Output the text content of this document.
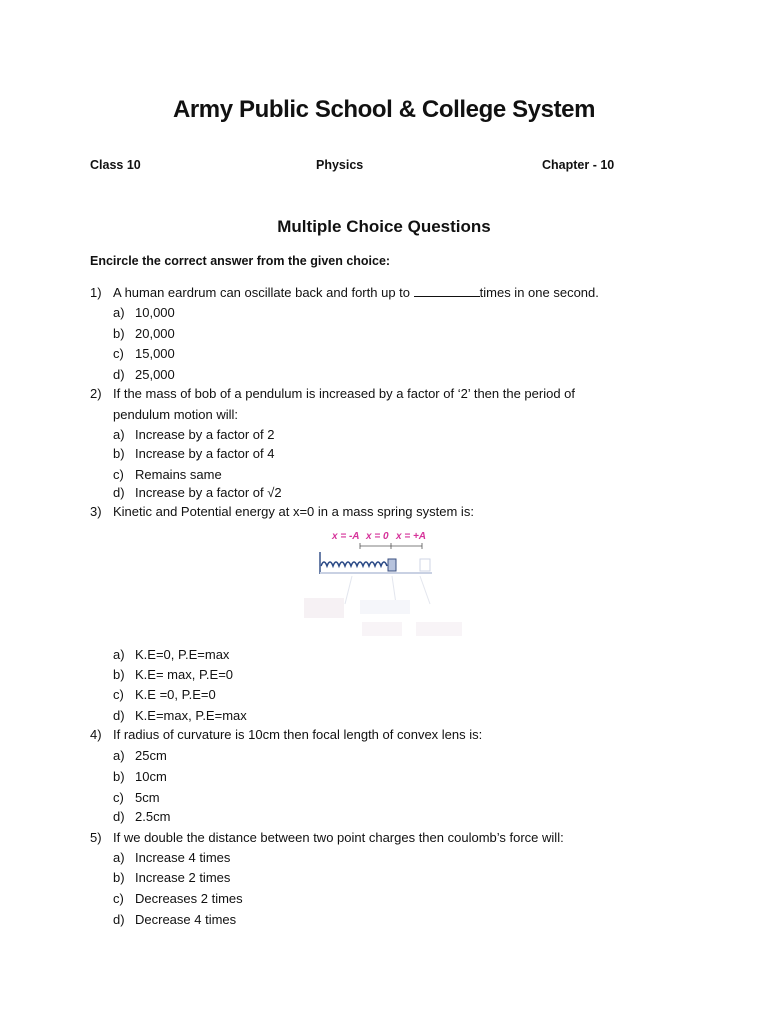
Army Public School & College System
Class 10	Physics	Chapter - 10
Multiple Choice Questions
Encircle the correct answer from the given choice:
1) A human eardrum can oscillate back and forth up to	times in one second.
a) 10,000
b) 20,000
c) 15,000
d) 25,000
2) If the mass of bob of a pendulum is increased by a factor of ‘2’ then the period of
pendulum motion will:
a) Increase by a factor of 2
b) Increase by a factor of 4
c) Remains same
d) Increase by a factor of √2
3) Kinetic and Potential energy at x=0 in a mass spring system is:
x = -A x = 0 x = +A
a) K.E=0, P.E=max
b) K.E= max, P.E=0
c) K.E =0, P.E=0
d) K.E=max, P.E=max
4) If radius of curvature is 10cm then focal length of convex lens is:
a) 25cm
b) 10cm
c) 5cm
d) 2.5cm
5) If we double the distance between two point charges then coulomb’s force will:
a) Increase 4 times
b) Increase 2 times
c) Decreases 2 times
d) Decrease 4 times
